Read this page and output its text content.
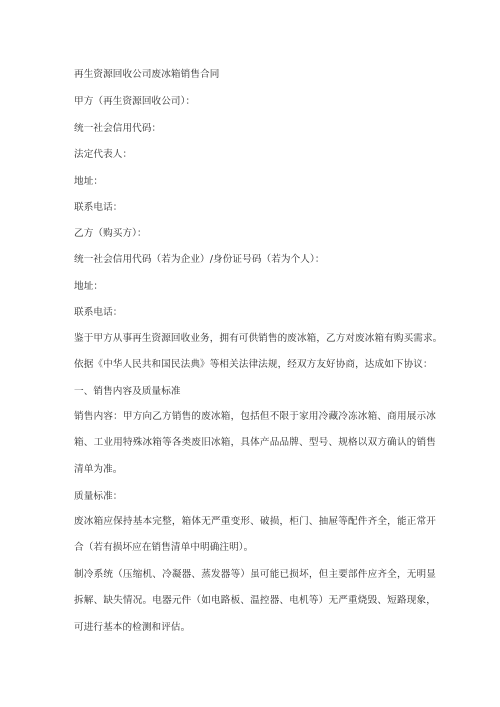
再生资源回收公司废冰箱销售合同

甲方（再生资源回收公司）：

统一社会信用代码：

法定代表人：

地址：

联系电话：

乙方（购买方）：

统一社会信用代码（若为企业）/身份证号码（若为个人）：

地址：

联系电话：

鉴于甲方从事再生资源回收业务，拥有可供销售的废冰箱，乙方对废冰箱有购买需求。

依据《中华人民共和国民法典》等相关法律法规，经双方友好协商，达成如下协议：

一、销售内容及质量标准

销售内容：甲方向乙方销售的废冰箱，包括但不限于家用冷藏冷冻冰箱、商用展示冰箱、工业用特殊冰箱等各类废旧冰箱，具体产品品牌、型号、规格以双方确认的销售清单为准。

质量标准：

废冰箱应保持基本完整，箱体无严重变形、破损，柜门、抽屉等配件齐全，能正常开合（若有损坏应在销售清单中明确注明）。

制冷系统（压缩机、冷凝器、蒸发器等）虽可能已损坏，但主要部件应齐全，无明显拆解、缺失情况。电器元件（如电路板、温控器、电机等）无严重烧毁、短路现象，可进行基本的检测和评估。
